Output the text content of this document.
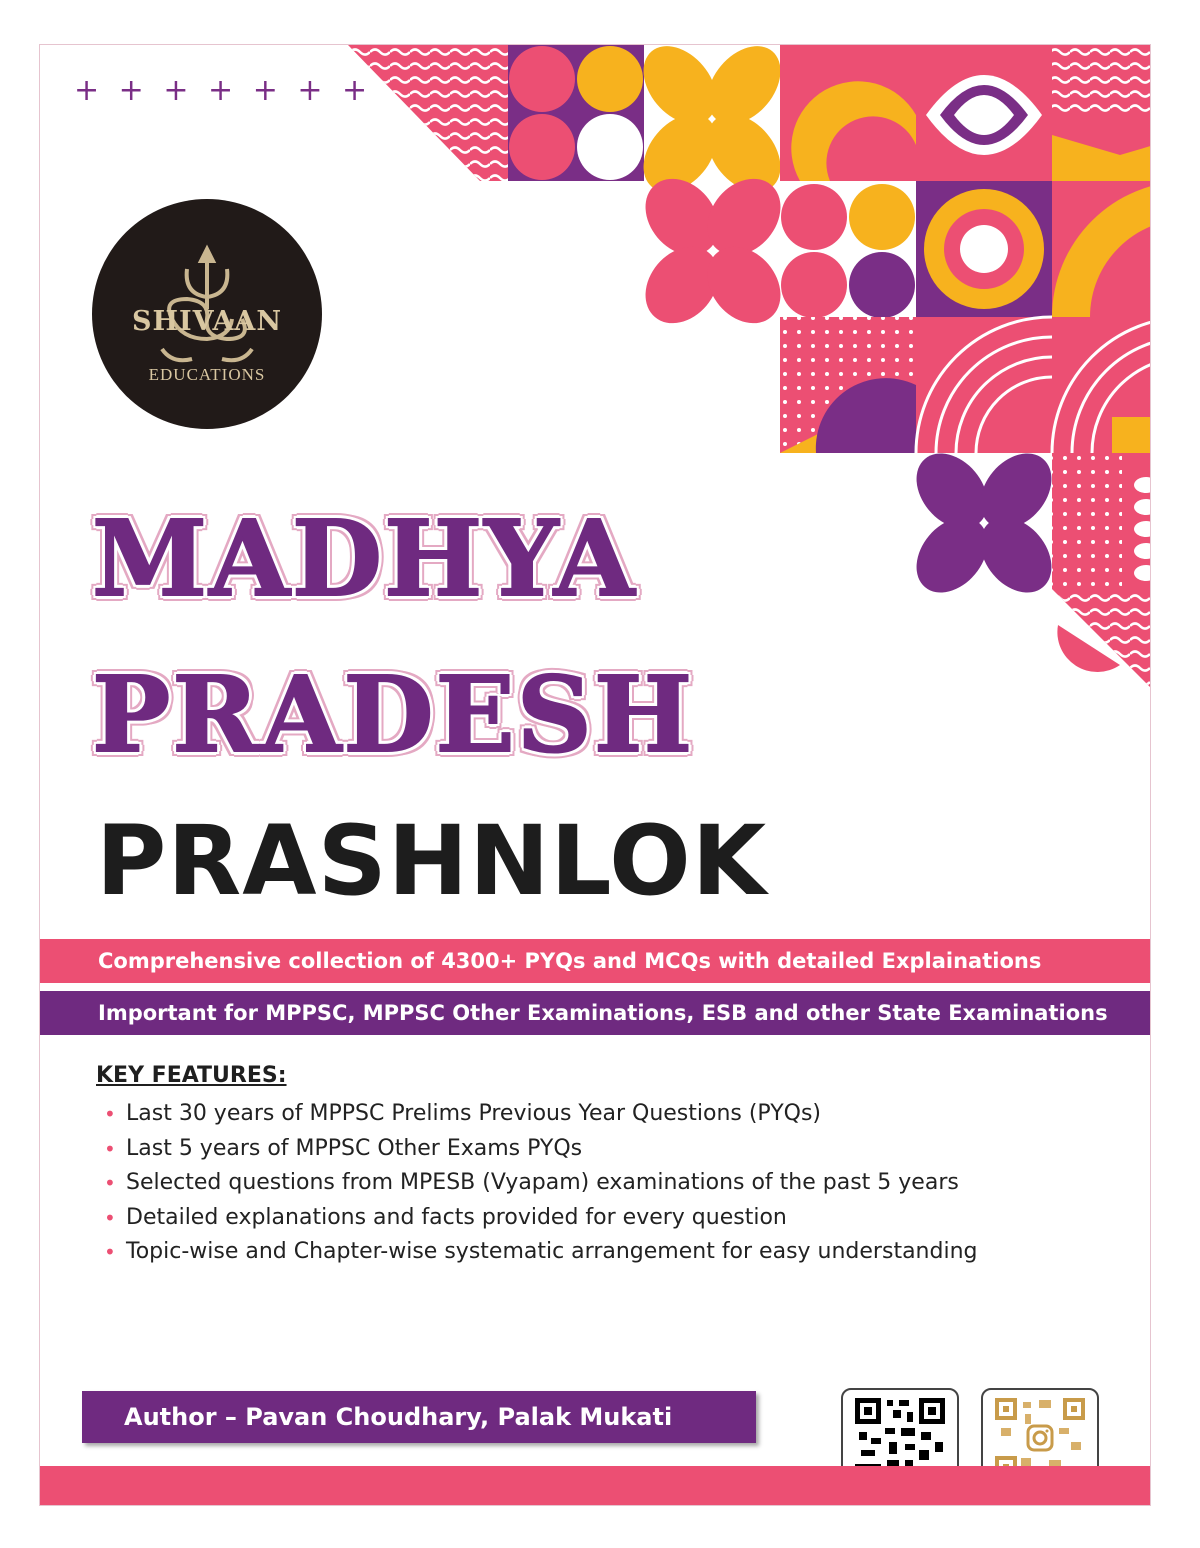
+ + + + + + +
SHIVAAN
EDUCATIONS
MADHYA
PRADESH
PRASHNLOK
Comprehensive collection of 4300+ PYQs and MCQs with detailed Explainations
Important for MPPSC, MPPSC Other Examinations, ESB and other State Examinations
KEY FEATURES:
• Last 30 years of MPPSC Prelims Previous Year Questions (PYQs)
• Last 5 years of MPPSC Other Exams PYQs
• Selected questions from MPESB (Vyapam) examinations of the past 5 years
• Detailed explanations and facts provided for every question
• Topic-wise and Chapter-wise systematic arrangement for easy understanding
Author – Pavan Choudhary, Palak Mukati
